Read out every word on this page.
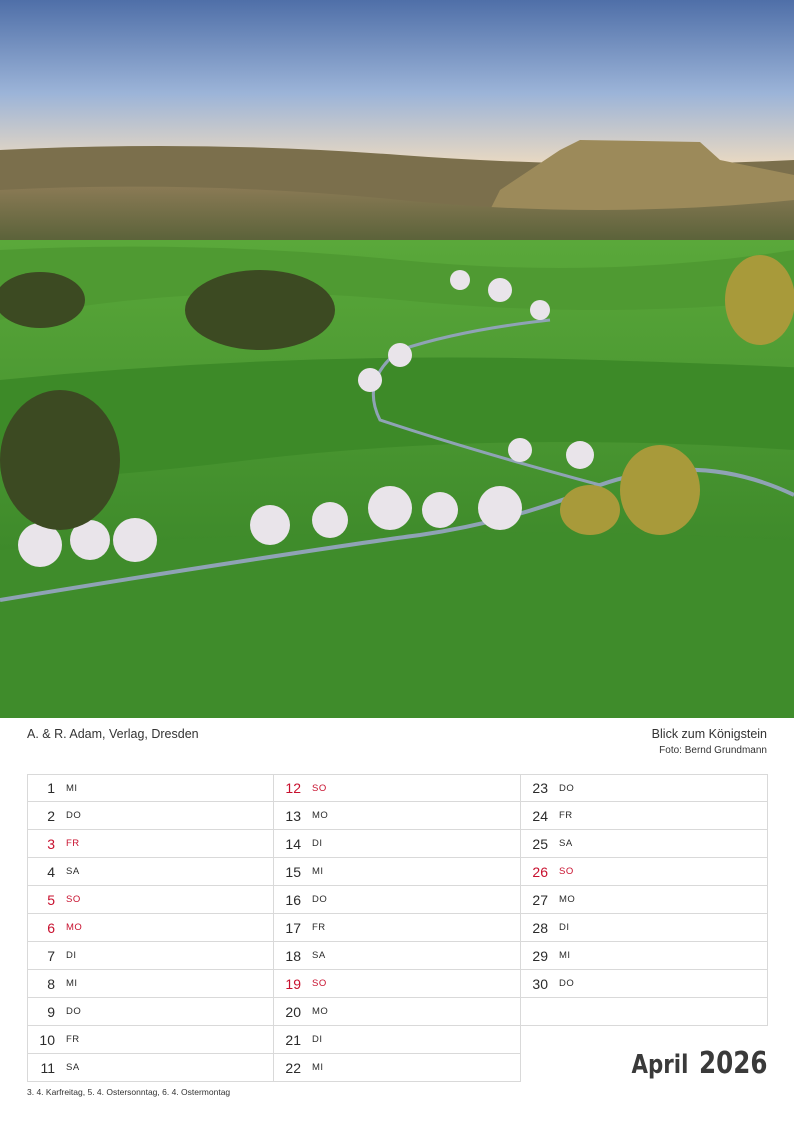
A. & R. Adam, Verlag, Dresden	Blick zum Königstein
Foto: Bernd Grundmann
1 MI
2 DO
3 FR
4 SA
5 SO
6 MO
7 DI
8 MI
9 DO
10 FR
11 SA
12 SO
13 MO
14 DI
15 MI
16 DO
17 FR
18 SA
19 SO
20 MO
21 DI
22 MI
23 DO
24 FR
25 SA
26 SO
27 MO
28 DI
29 MI
30 DO
April 2026
3. 4. Karfreitag, 5. 4. Ostersonntag, 6. 4. Ostermontag
